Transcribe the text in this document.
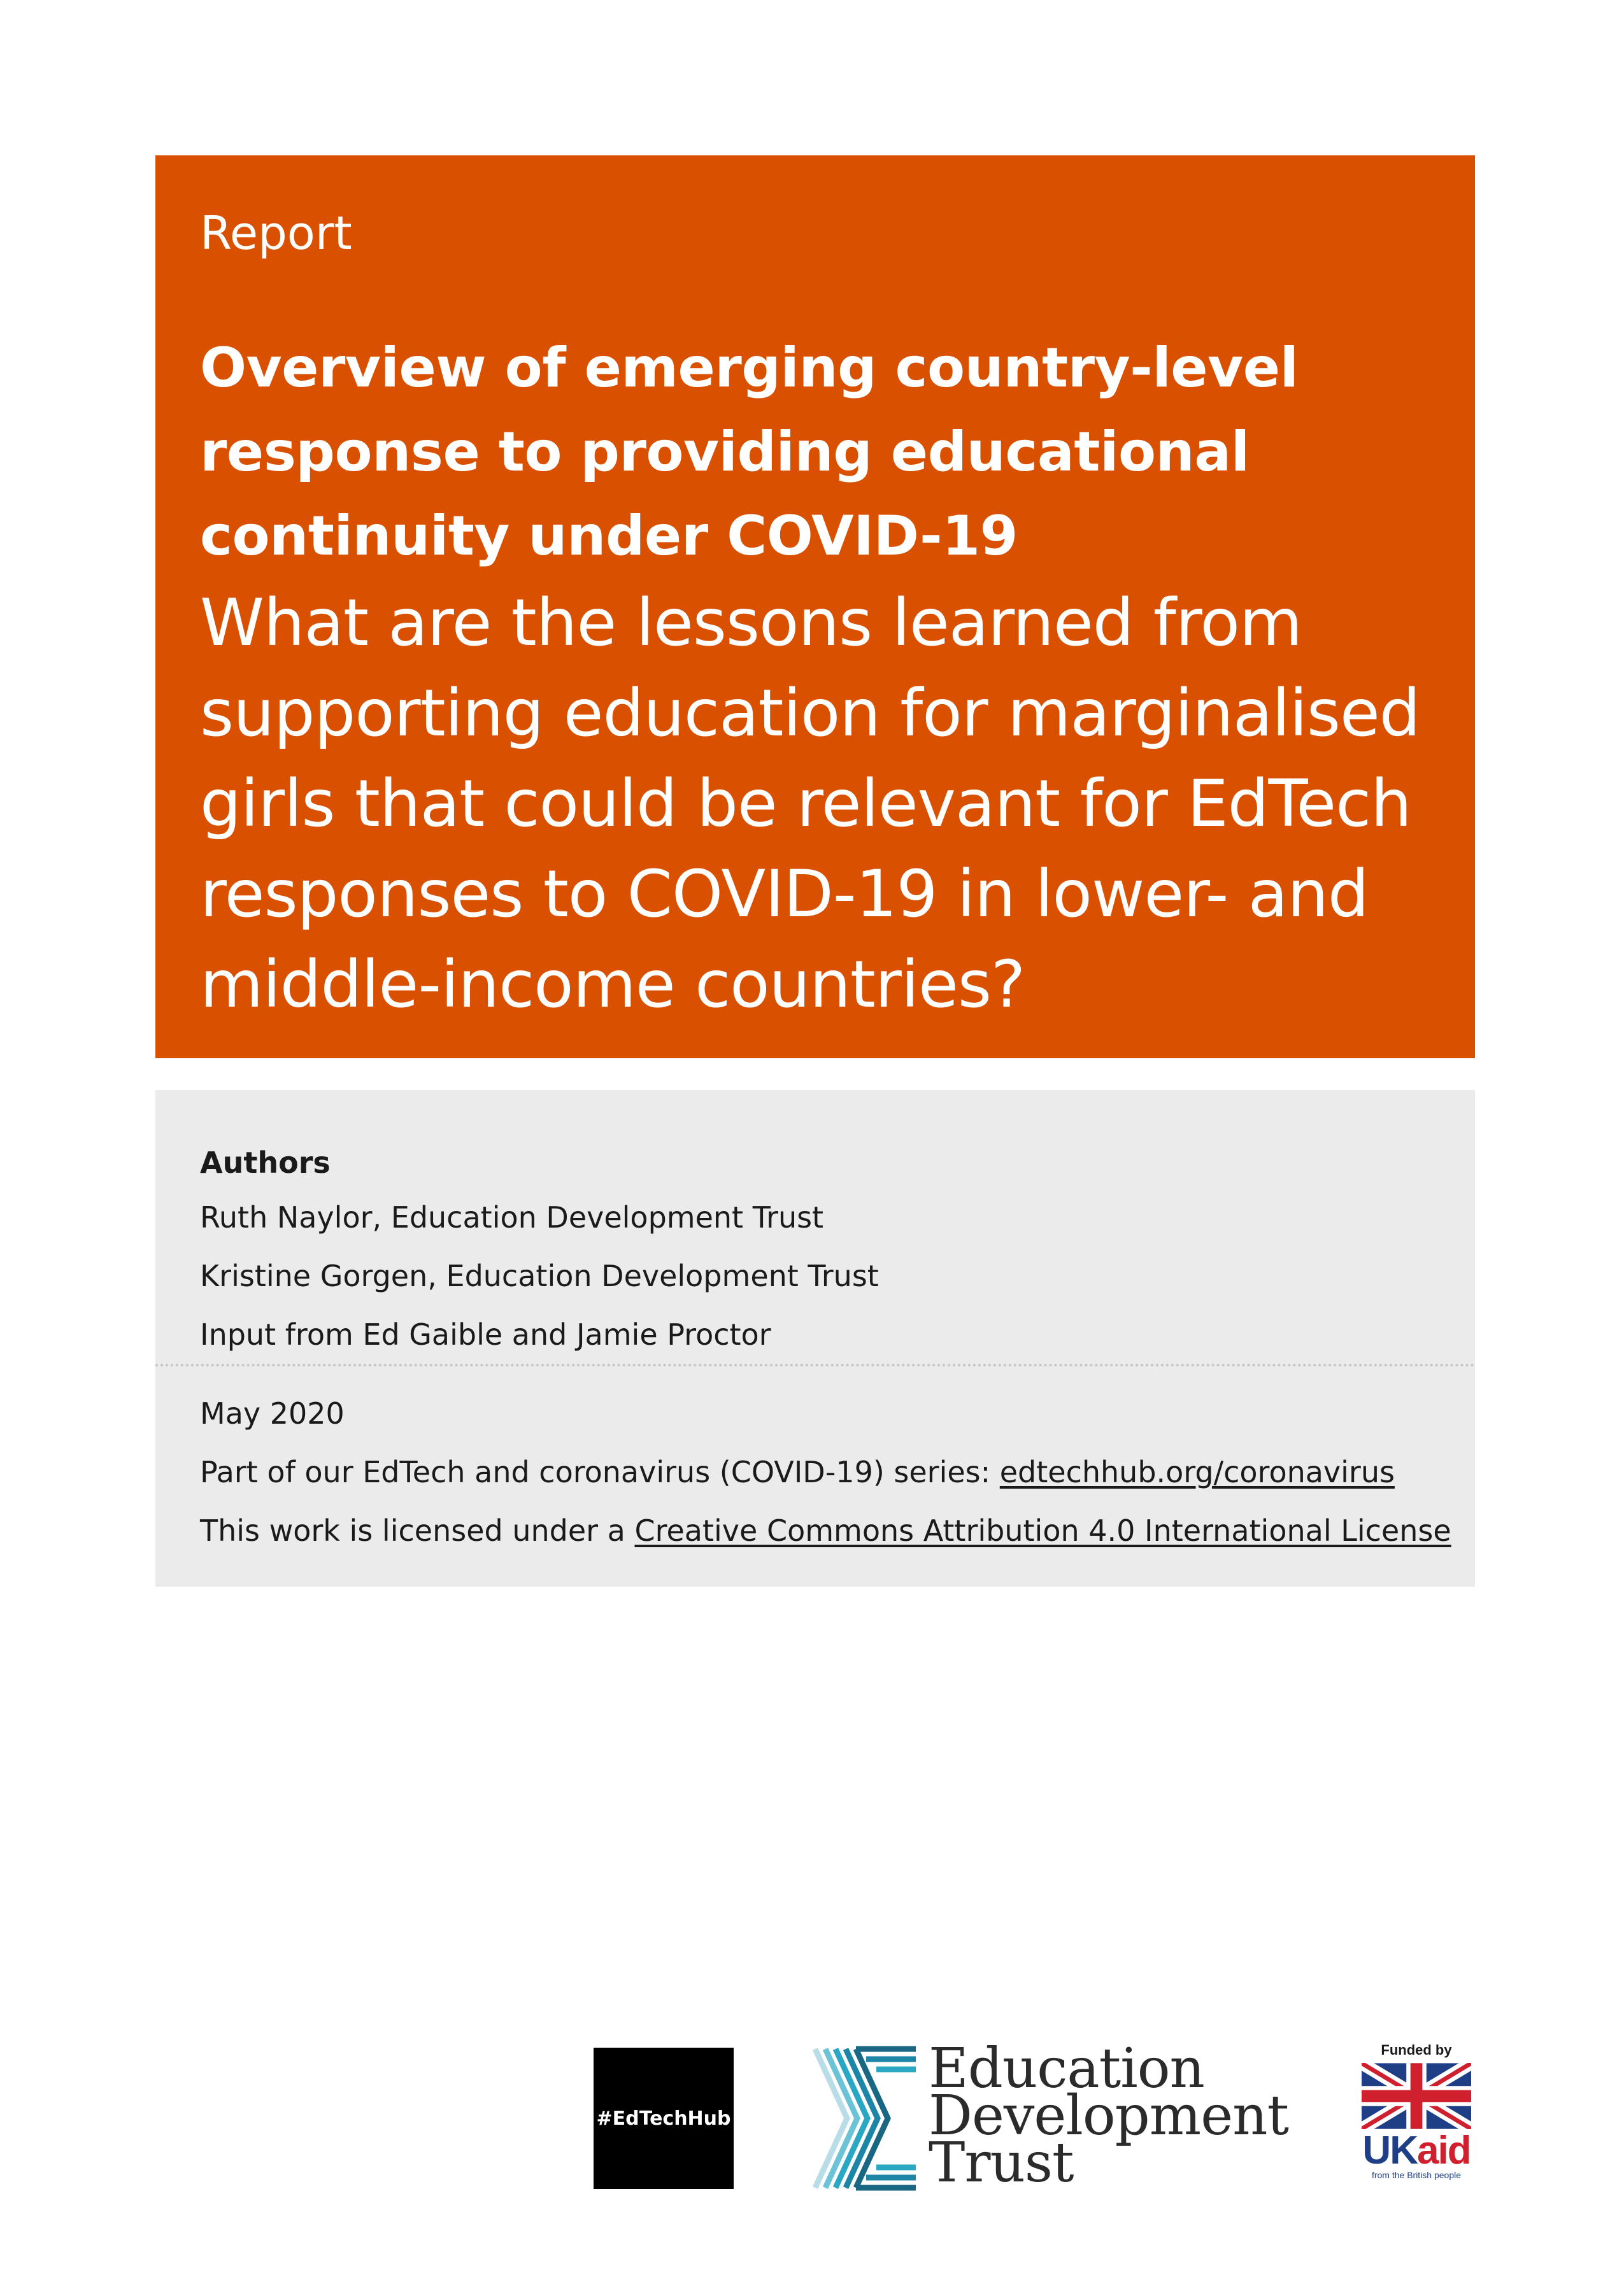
Report

Overview of emerging country-level
response to providing educational
continuity under COVID-19

What are the lessons learned from
supporting education for marginalised
girls that could be relevant for EdTech
responses to COVID-19 in lower- and
middle-income countries?

Authors

Ruth Naylor, Education Development Trust

Kristine Gorgen, Education Development Trust

Input from Ed Gaible and Jamie Proctor

May 2020

Part of our EdTech and coronavirus (COVID-19) series: edtechhub.org/coronavirus

This work is licensed under a Creative Commons Attribution 4.0 International License

#EdTechHub
Education
Development
Trust
Funded by
UKaid
from the British people
